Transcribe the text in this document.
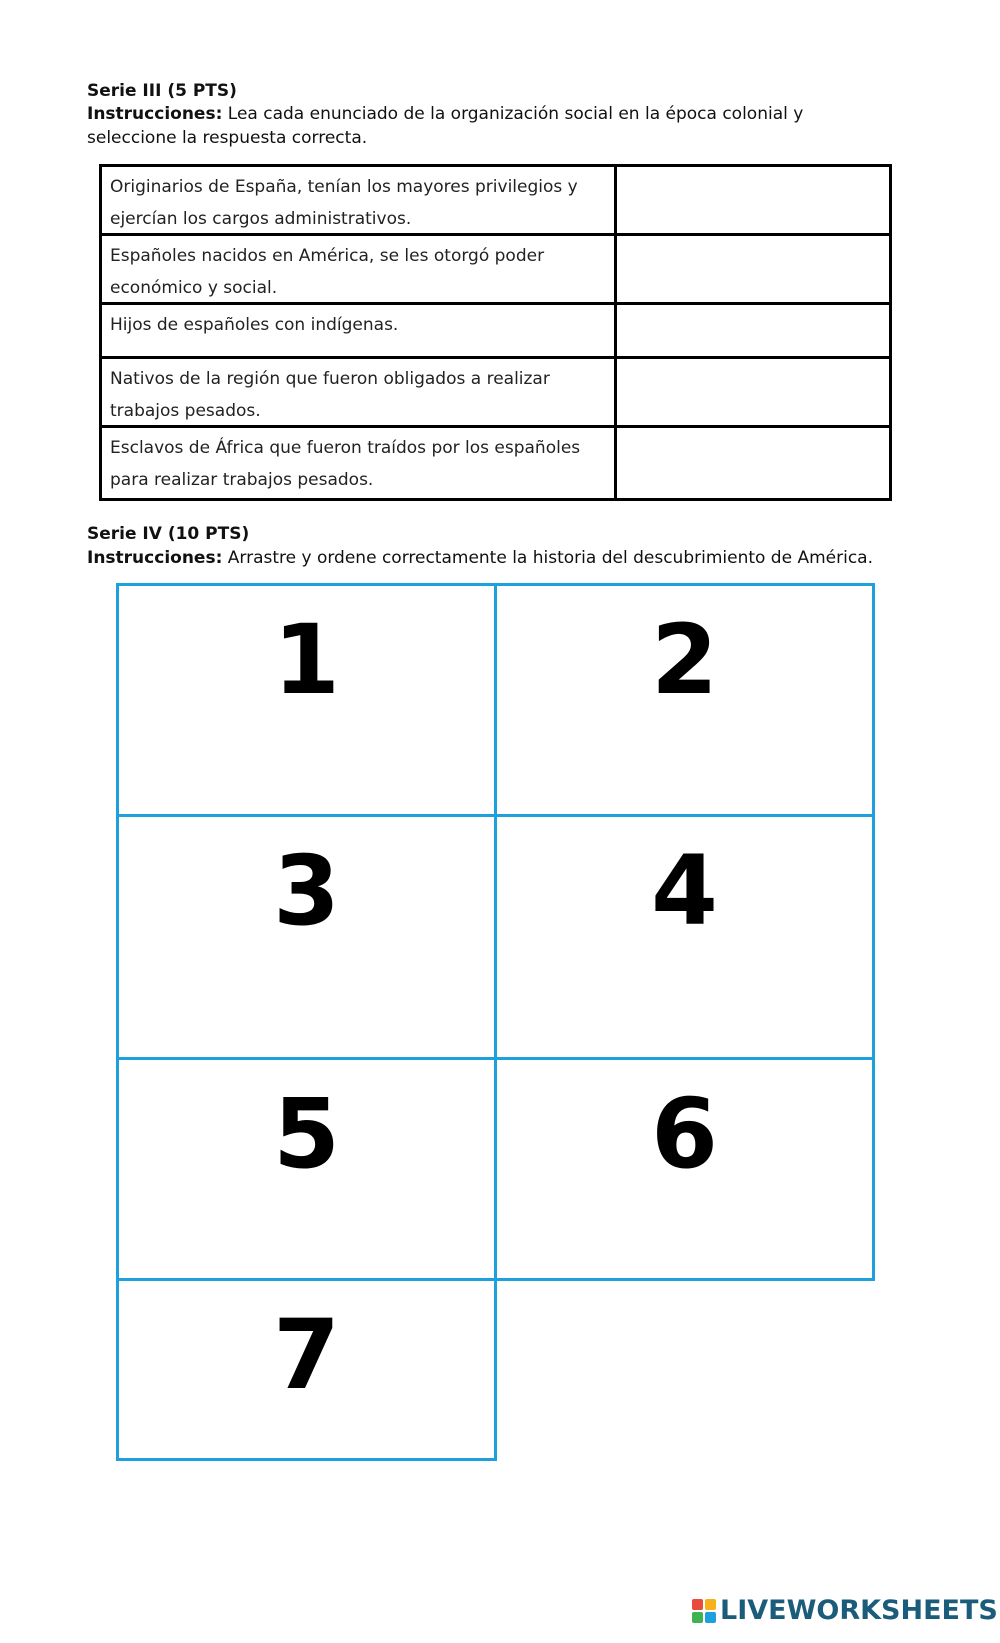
Serie III (5 PTS)
Instrucciones: Lea cada enunciado de la organización social en la época colonial y seleccione la respuesta correcta.
Originarios de España, tenían los mayores privilegios y ejercían los cargos administrativos.
Españoles nacidos en América, se les otorgó poder económico y social.
Hijos de españoles con indígenas.
Nativos de la región que fueron obligados a realizar trabajos pesados.
Esclavos de África que fueron traídos por los españoles para realizar trabajos pesados.
Serie IV (10 PTS)
Instrucciones: Arrastre y ordene correctamente la historia del descubrimiento de América.
1	2
3	4
5	6
7
LIVEWORKSHEETS
